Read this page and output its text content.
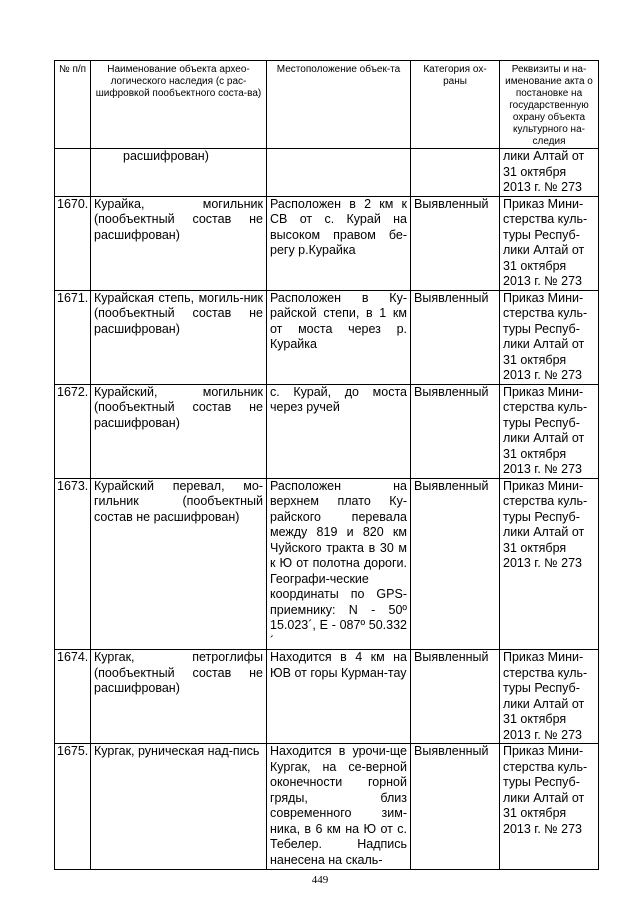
№ п/п	Наименование объекта архео-логического наследия (с рас-шифровкой пообъектного соста-ва)	Местоположение объек-та	Категория ох-раны	Реквизиты и на-именование акта о постановке на государственную охрану объекта культурного на-следия
	расшифрован)			лики Алтай от 31 октября 2013 г. № 273
1670.	Курайка, могильник (пообъектный состав не расшифрован)	Расположен в 2 км к СВ от с. Курай на высоком правом бе-регу р.Курайка	Выявленный	Приказ Мини-стерства куль-туры Респуб-лики Алтай от 31 октября 2013 г. № 273
1671.	Курайская степь, могиль-ник (пообъектный состав не расшифрован)	Расположен в Ку-райской степи, в 1 км от моста через р. Курайка	Выявленный	Приказ Мини-стерства куль-туры Респуб-лики Алтай от 31 октября 2013 г. № 273
1672.	Курайский, могильник (пообъектный состав не расшифрован)	с. Курай, до моста через ручей	Выявленный	Приказ Мини-стерства куль-туры Респуб-лики Алтай от 31 октября 2013 г. № 273
1673.	Курайский перевал, мо-гильник (пообъектный состав не расшифрован)	Расположен на верхнем плато Ку-райского перевала между 819 и 820 км Чуйского тракта в 30 м к Ю от полотна дороги. Географи-ческие координаты по GPS-приемнику: N - 50º 15.023´, E - 087º 50.332´	Выявленный	Приказ Мини-стерства куль-туры Респуб-лики Алтай от 31 октября 2013 г. № 273
1674.	Кургак, петроглифы (пообъектный состав не расшифрован)	Находится в 4 км на ЮВ от горы Курман-тау	Выявленный	Приказ Мини-стерства куль-туры Респуб-лики Алтай от 31 октября 2013 г. № 273
1675.	Кургак, руническая над-пись	Находится в урочи-ще Кургак, на се-верной оконечности горной гряды, близ современного зим-ника, в 6 км на Ю от с. Тебелер. Надпись нанесена на скаль-	Выявленный	Приказ Мини-стерства куль-туры Респуб-лики Алтай от 31 октября 2013 г. № 273
449
